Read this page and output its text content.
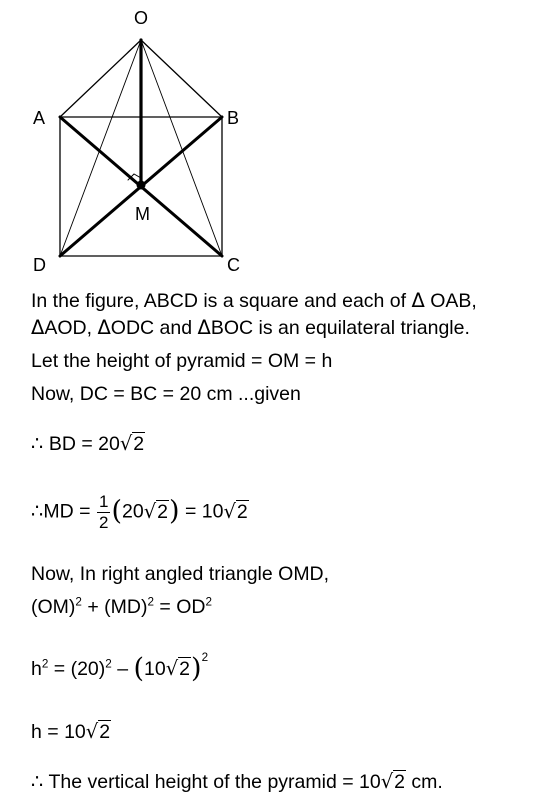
O
A	B
D	C
M
In the figure, ABCD is a square and each of Δ OAB,
ΔAOD, ΔODC and ΔBOC is an equilateral triangle.
Let the height of pyramid = OM = h
Now, DC = BC = 20 cm ...given
∴ BD = 20√2
∴MD = $\frac{1}{2} (20√2) = 10√2$
Now, In right angled triangle OMD,
$(OM)^2 + (MD)^2 = OD^2$
$h^2 = (20)^2 - (10√2)^2$
h = 10√2
∴ The vertical height of the pyramid = 10√2 cm.
